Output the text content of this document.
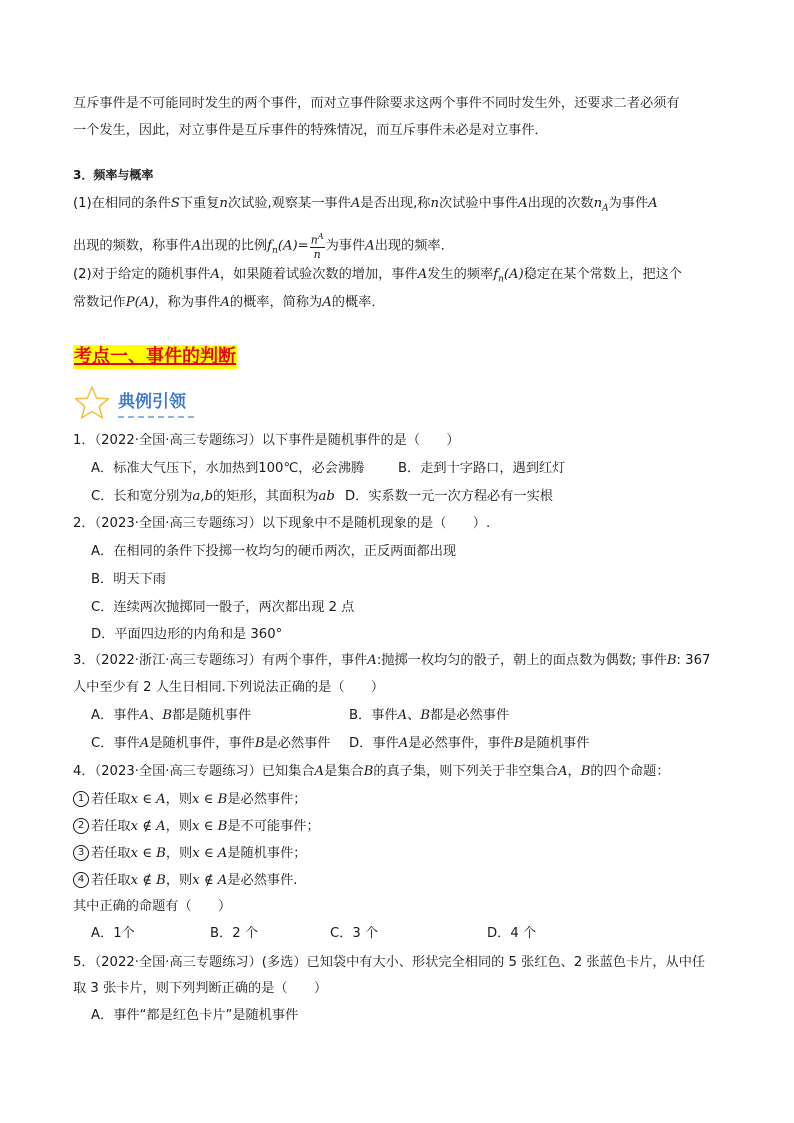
互斥事件是不可能同时发生的两个事件，而对立事件除要求这两个事件不同时发生外，还要求二者必须有
一个发生，因此，对立事件是互斥事件的特殊情况，而互斥事件未必是对立事件．
3．频率与概率
(1)在相同的条件S下重复n次试验,观察某一事件A是否出现,称n次试验中事件A出现的次数$n_A$为事件A
出现的频数，称事件A出现的比例$f_n(A)= \frac{n^A}{n}$ 为事件A出现的频率．
(2)对于给定的随机事件A，如果随着试验次数的增加，事件A发生的频率$f_n(A)$稳定在某个常数上，把这个
常数记作P(A)，称为事件A的概率，简称为A的概率．
考点一、事件的判断
典例引领
1．（2022·全国·高三专题练习）以下事件是随机事件的是（　　）
A．标准大气压下，水加热到100℃，必会沸腾	B．走到十字路口，遇到红灯
C．长和宽分别为a,b的矩形，其面积为ab D．实系数一元一次方程必有一实根
2．（2023·全国·高三专题练习）以下现象中不是随机现象的是（　　）.
A．在相同的条件下投掷一枚均匀的硬币两次，正反两面都出现
B．明天下雨
C．连续两次抛掷同一骰子，两次都出现 2 点
D．平面四边形的内角和是 360°
3．（2022·浙江·高三专题练习）有两个事件，事件A:抛掷一枚均匀的骰子，朝上的面点数为偶数; 事件B: 367
人中至少有 2 人生日相同.下列说法正确的是（　　）
A．事件A、B都是随机事件	B．事件A、B都是必然事件
C．事件A是随机事件，事件B是必然事件 D．事件A是必然事件，事件B是随机事件
4．（2023·全国·高三专题练习）已知集合A是集合B的真子集，则下列关于非空集合A，B的四个命题：
1 若任取x ∈ A，则x ∈ B是必然事件；
2 若任取x ∉ A，则x ∈ B是不可能事件；
3 若任取x ∈ B，则x ∈ A是随机事件；
4 若任取x ∉ B，则x ∉ A是必然事件.
其中正确的命题有（　　）
A．1个	B．2 个	C．3 个	D．4 个
5．（2022·全国·高三专题练习）(多选）已知袋中有大小、形状完全相同的 5 张红色、2 张蓝色卡片，从中任
取 3 张卡片，则下列判断正确的是（　　）
A．事件“都是红色卡片”是随机事件
